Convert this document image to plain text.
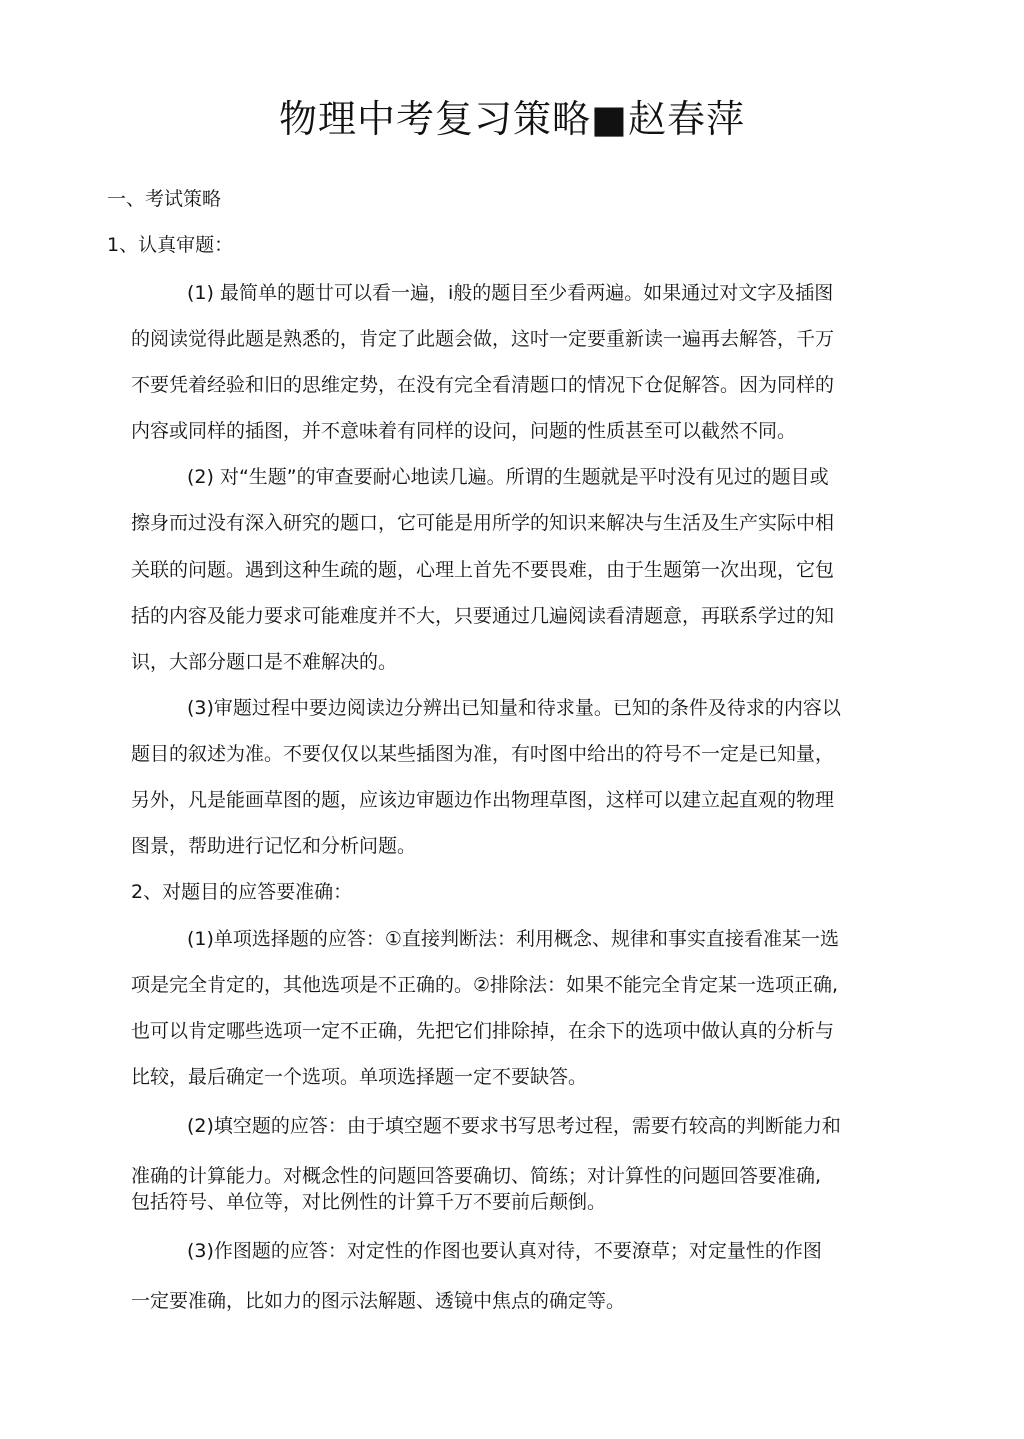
物理中考复习策略■赵春萍
一、考试策略
1、认真审题：
(1) 最简单的题廿可以看一遍，i般的题目至少看两遍。如果通过对文字及插图
的阅读觉得此题是熟悉的，肯定了此题会做，这吋一定要重新读一遍再去解答，千万
不要凭着经验和旧的思维定势，在没有完全看清题口的情况下仓促解答。因为同样的
内容或同样的插图，并不意味着有同样的设问，问题的性质甚至可以截然不同。
(2) 对“生题”的审查要耐心地读几遍。所谓的生题就是平吋没有见过的题目或
擦身而过没有深入研究的题口，它可能是用所学的知识来解决与生活及生产实际中相
关联的问题。遇到这种生疏的题，心理上首先不要畏难，由于生题第一次出现，它包
括的内容及能力要求可能难度并不大，只要通过几遍阅读看清题意，再联系学过的知
识，大部分题口是不难解决的。
(3)审题过程中要边阅读边分辨出已知量和待求量。已知的条件及待求的内容以
题目的叙述为准。不要仅仅以某些插图为准，有吋图中给出的符号不一定是已知量，
另外，凡是能画草图的题，应该边审题边作出物理草图，这样可以建立起直观的物理
图景，帮助进行记忆和分析问题。
2、对题目的应答要准确：
(1)单项选择题的应答：①直接判断法：利用概念、规律和事实直接看准某一选
项是完全肯定的，其他选项是不正确的。②排除法：如果不能完全肯定某一选项正确,
也可以肯定哪些选项一定不正确，先把它们排除掉，在余下的选项中做认真的分析与
比较，最后确定一个选项。单项选择题一定不要缺答。
(2)填空题的应答：由于填空题不要求书写思考过程，需要冇较高的判断能力和
准确的计算能力。对概念性的问题回答要确切、简练；对计算性的问题回答要准确,
包括符号、单位等，对比例性的计算千万不要前后颠倒。
(3)作图题的应答：对定性的作图也要认真对待，不要潦草；对定量性的作图
一定要准确，比如力的图示法解题、透镜中焦点的确定等。
